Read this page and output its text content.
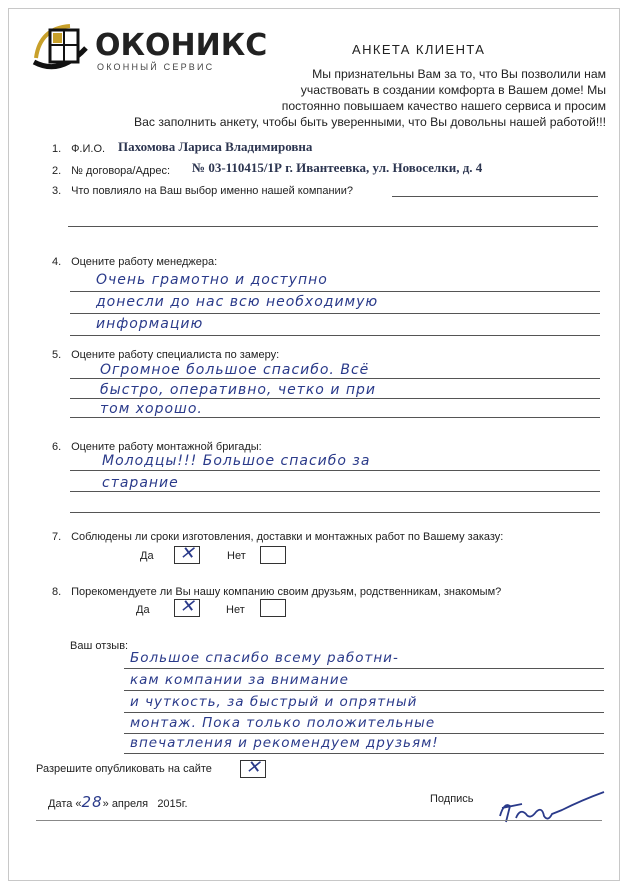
ОКОНИКС
ОКОННЫЙ СЕРВИС
АНКЕТА КЛИЕНТА
Мы признательны Вам за то, что Вы позволили нам
участвовать в создании комфорта в Вашем доме! Мы
постоянно повышаем качество нашего сервиса и просим
Вас заполнить анкету, чтобы быть уверенными, что Вы довольны нашей работой!!!
1. Ф.И.О. Пахомова Лариса Владимировна
2. № договора/Адрес: № 03-110415/1Р г. Ивантеевка, ул. Новоселки, д. 4
3. Что повлияло на Ваш выбор именно нашей компании?
4. Оцените работу менеджера:
Очень грамотно и доступно
донесли до нас всю необходимую
информацию
5. Оцените работу специалиста по замеру:
Огромное большое спасибо. Всё
быстро, оперативно, четко и при
том хорошо.
6. Оцените работу монтажной бригады:
Молодцы!!! Большое спасибо за
старание
7. Соблюдены ли сроки изготовления, доставки и монтажных работ по Вашему заказу:
Да ✕	Нет
8. Порекомендуете ли Вы нашу компанию своим друзьям, родственникам, знакомым?
Да ✕	Нет
Ваш отзыв:
Большое спасибо всему работни-
кам компании за внимание
и чуткость, за быстрый и опрятный
монтаж. Пока только положительные
впечатления и рекомендуем друзьям!
Разрешите опубликовать на сайте ✕
Дата «28» апреля 2015г.	Подпись
